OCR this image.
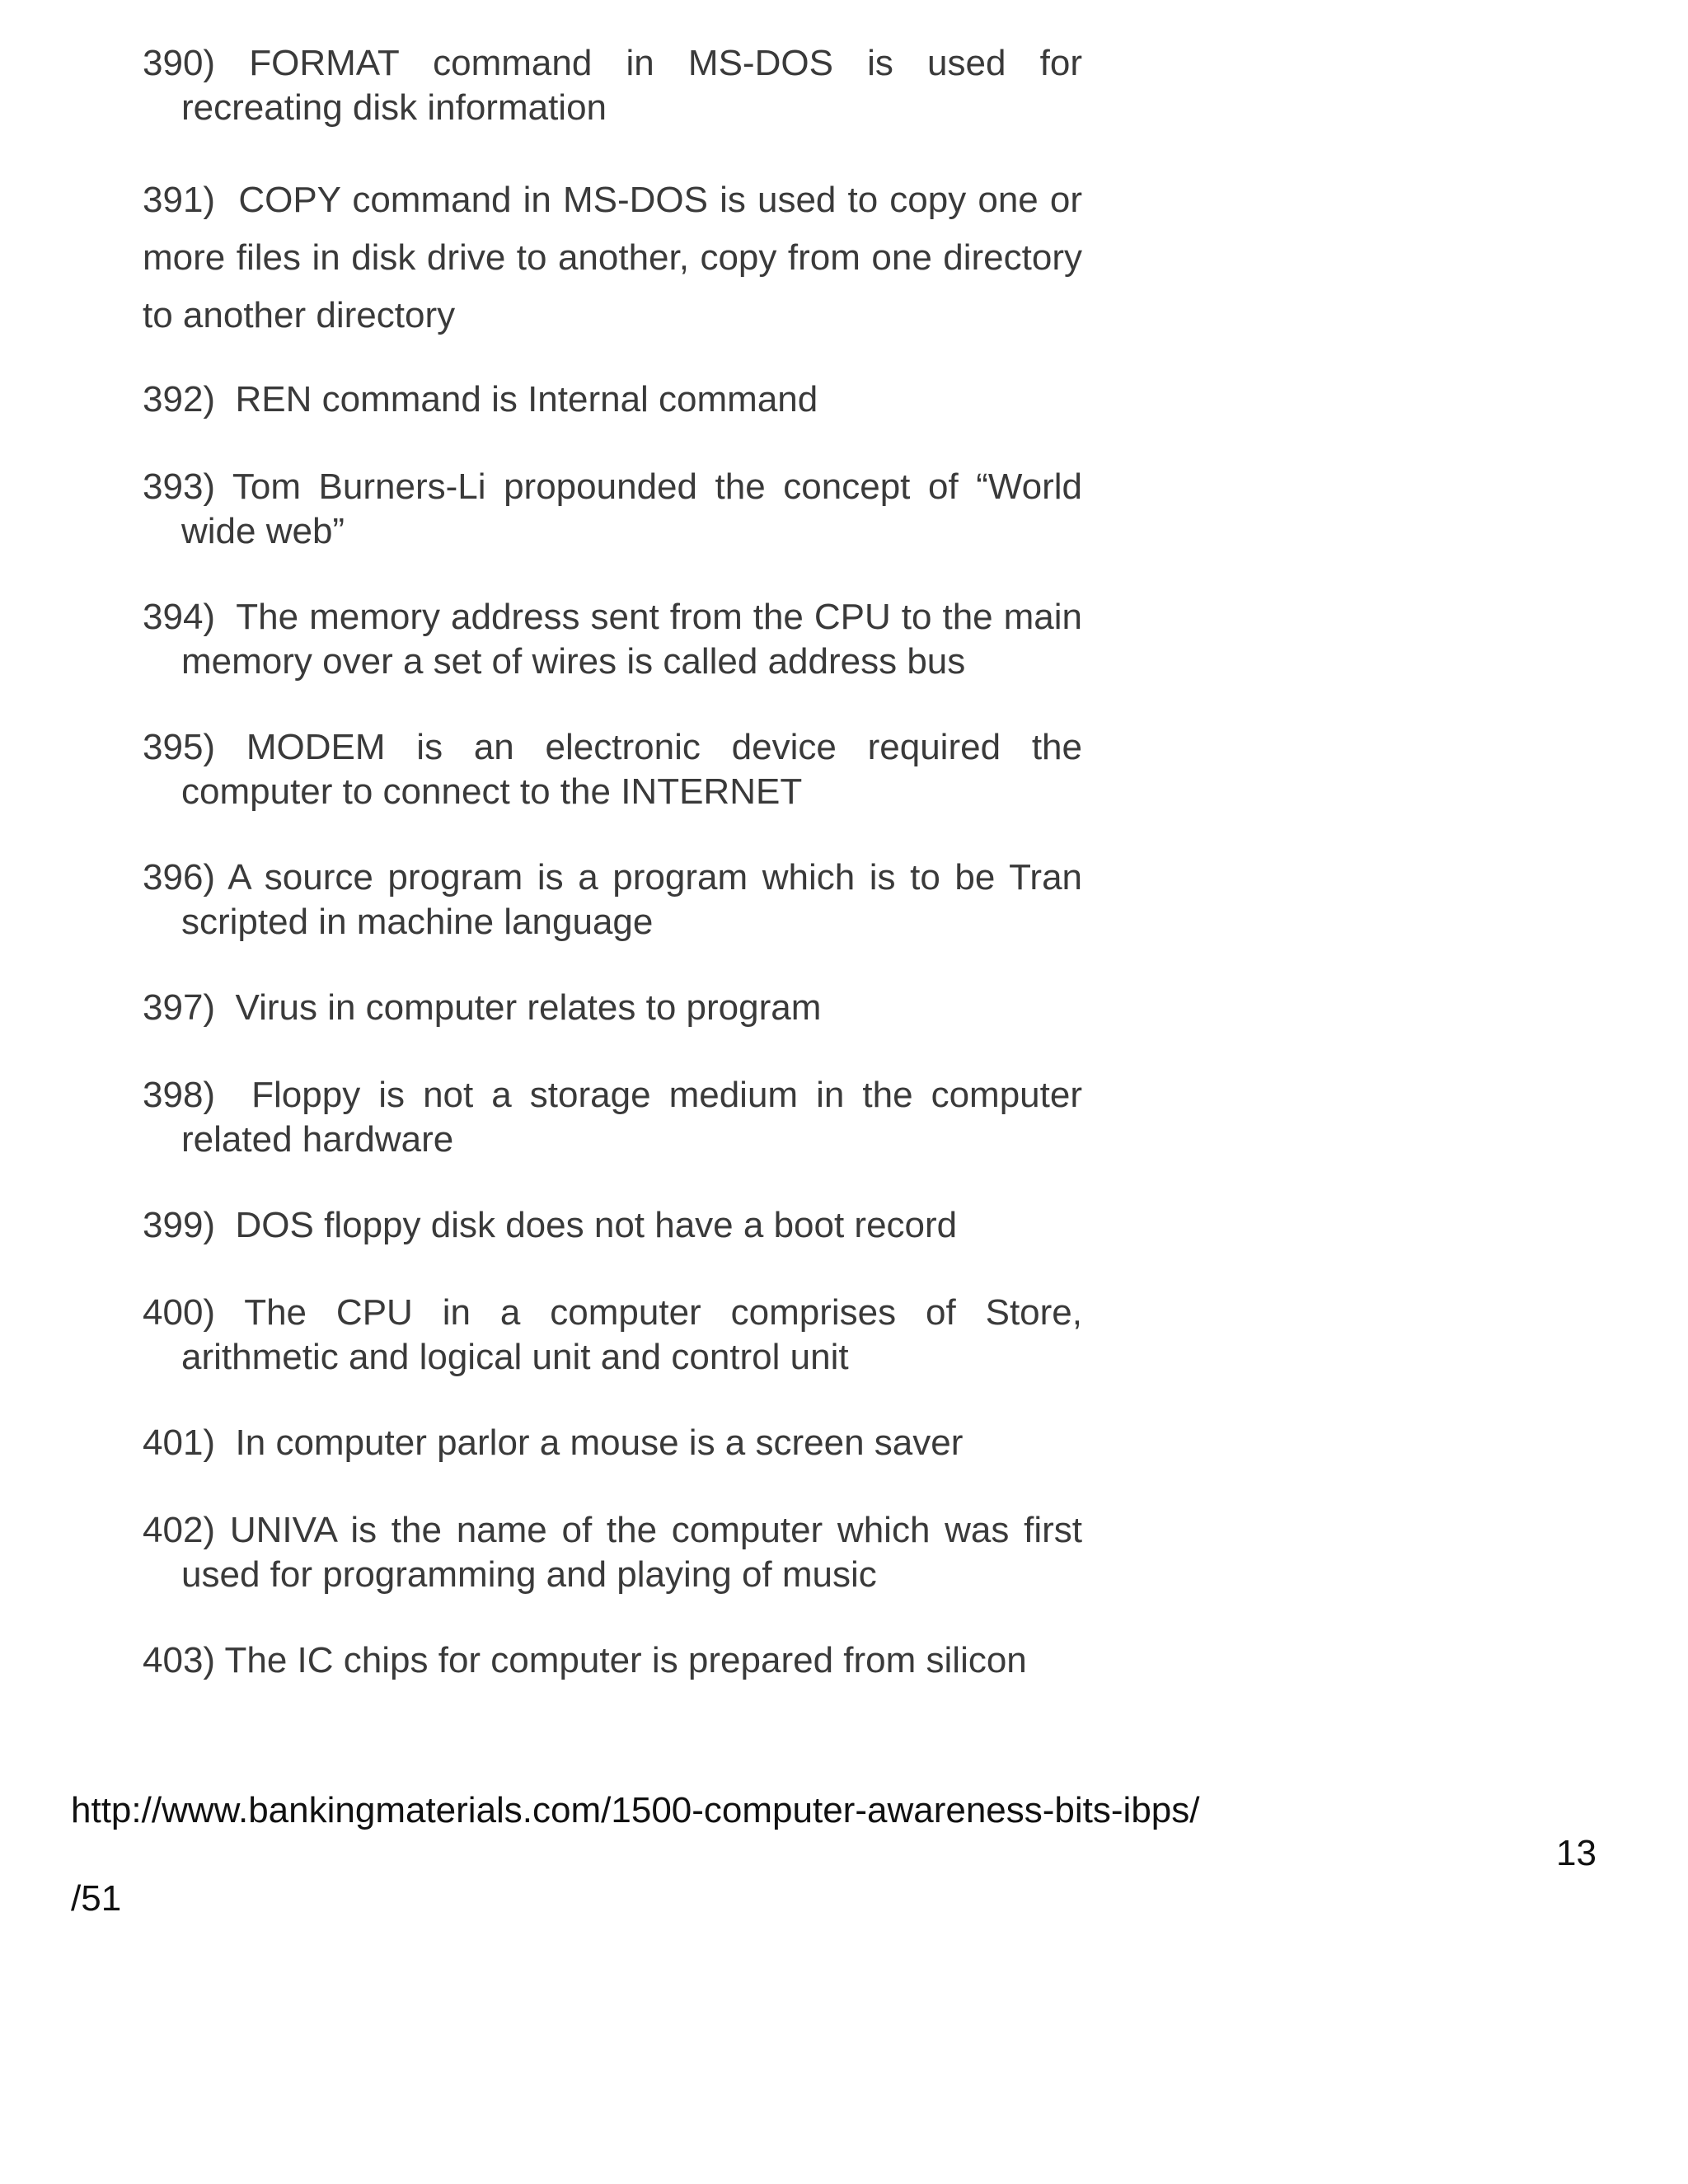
390) FORMAT command in MS-DOS is used for recreating disk information

391) COPY command in MS-DOS is used to copy one or more files in disk drive to another, copy from one directory to another directory

392) REN command is Internal command

393) Tom Burners-Li propounded the concept of “World wide web”

394) The memory address sent from the CPU to the main memory over a set of wires is called address bus

395) MODEM is an electronic device required the computer to connect to the INTERNET

396) A source program is a program which is to be Tran scripted in machine language

397) Virus in computer relates to program

398) Floppy is not a storage medium in the computer related hardware

399) DOS floppy disk does not have a boot record

400) The CPU in a computer comprises of Store, arithmetic and logical unit and control unit

401) In computer parlor a mouse is a screen saver

402) UNIVA is the name of the computer which was first used for programming and playing of music

403) The IC chips for computer is prepared from silicon

http://www.bankingmaterials.com/1500-computer-awareness-bits-ibps/
13
/51
